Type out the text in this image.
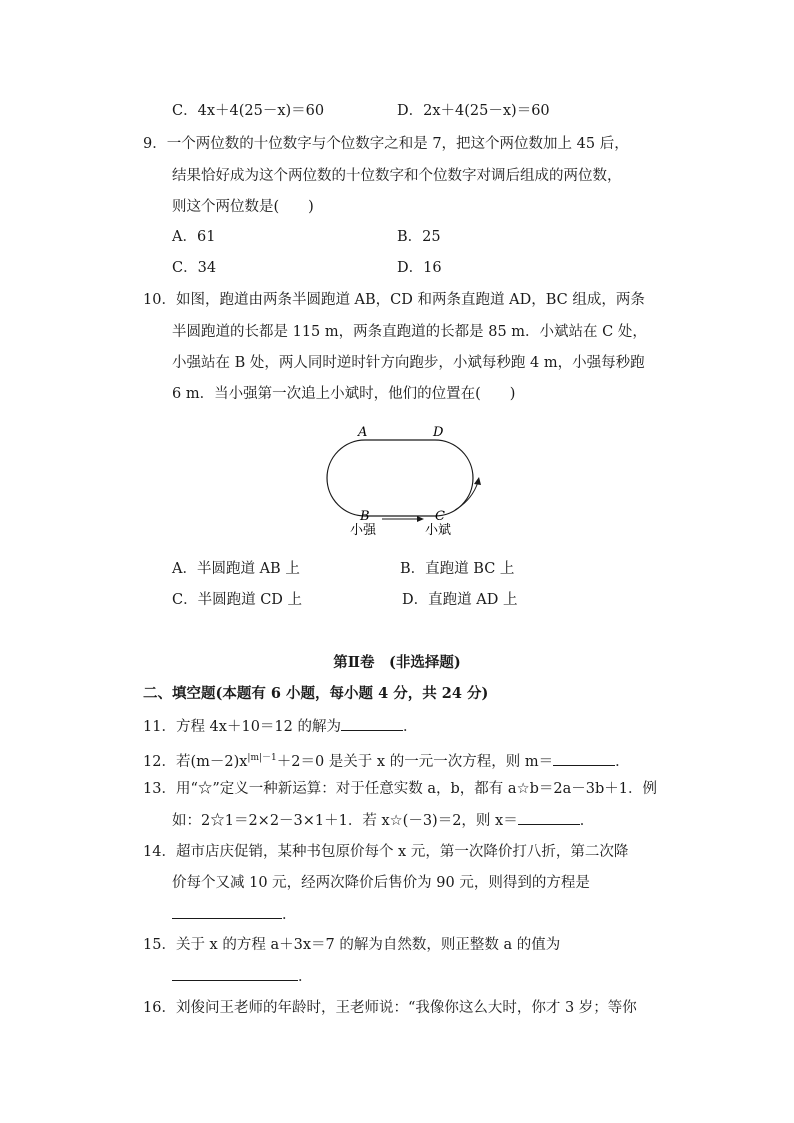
C．4x＋4(25－x)＝60	D．2x＋4(25－x)＝60
9．一个两位数的十位数字与个位数字之和是 7，把这个两位数加上 45 后，
结果恰好成为这个两位数的十位数字和个位数字对调后组成的两位数，
则这个两位数是(　　)
A．61	B．25
C．34	D．16
10．如图，跑道由两条半圆跑道 AB，CD 和两条直跑道 AD，BC 组成，两条
半圆跑道的长都是 115 m，两条直跑道的长都是 85 m．小斌站在 C 处，
小强站在 B 处，两人同时逆时针方向跑步，小斌每秒跑 4 m，小强每秒跑
6 m．当小强第一次追上小斌时，他们的位置在(　　)
A	D
B	C
小强	小斌
A．半圆跑道 AB 上	B．直跑道 BC 上
C．半圆跑道 CD 上	D．直跑道 AD 上
第Ⅱ卷　(非选择题)
二、填空题(本题有 6 小题，每小题 4 分，共 24 分)
11．方程 4x＋10＝12 的解为	．
12．若$(m-2)x^{|m|-1}+2=0$ 是关于 x 的一元一次方程，则 m＝	．
13．用“☆”定义一种新运算：对于任意实数 a，b，都有 a☆b＝2a－3b＋1．例
如：2☆1＝2×2－3×1＋1．若 x☆(－3)＝2，则 x＝	．
14．超市店庆促销，某种书包原价每个 x 元，第一次降价打八折，第二次降
价每个又减 10 元，经两次降价后售价为 90 元，则得到的方程是
．
15．关于 x 的方程 a＋3x＝7 的解为自然数，则正整数 a 的值为
．
16．刘俊问王老师的年龄时，王老师说：“我像你这么大时，你才 3 岁；等你
